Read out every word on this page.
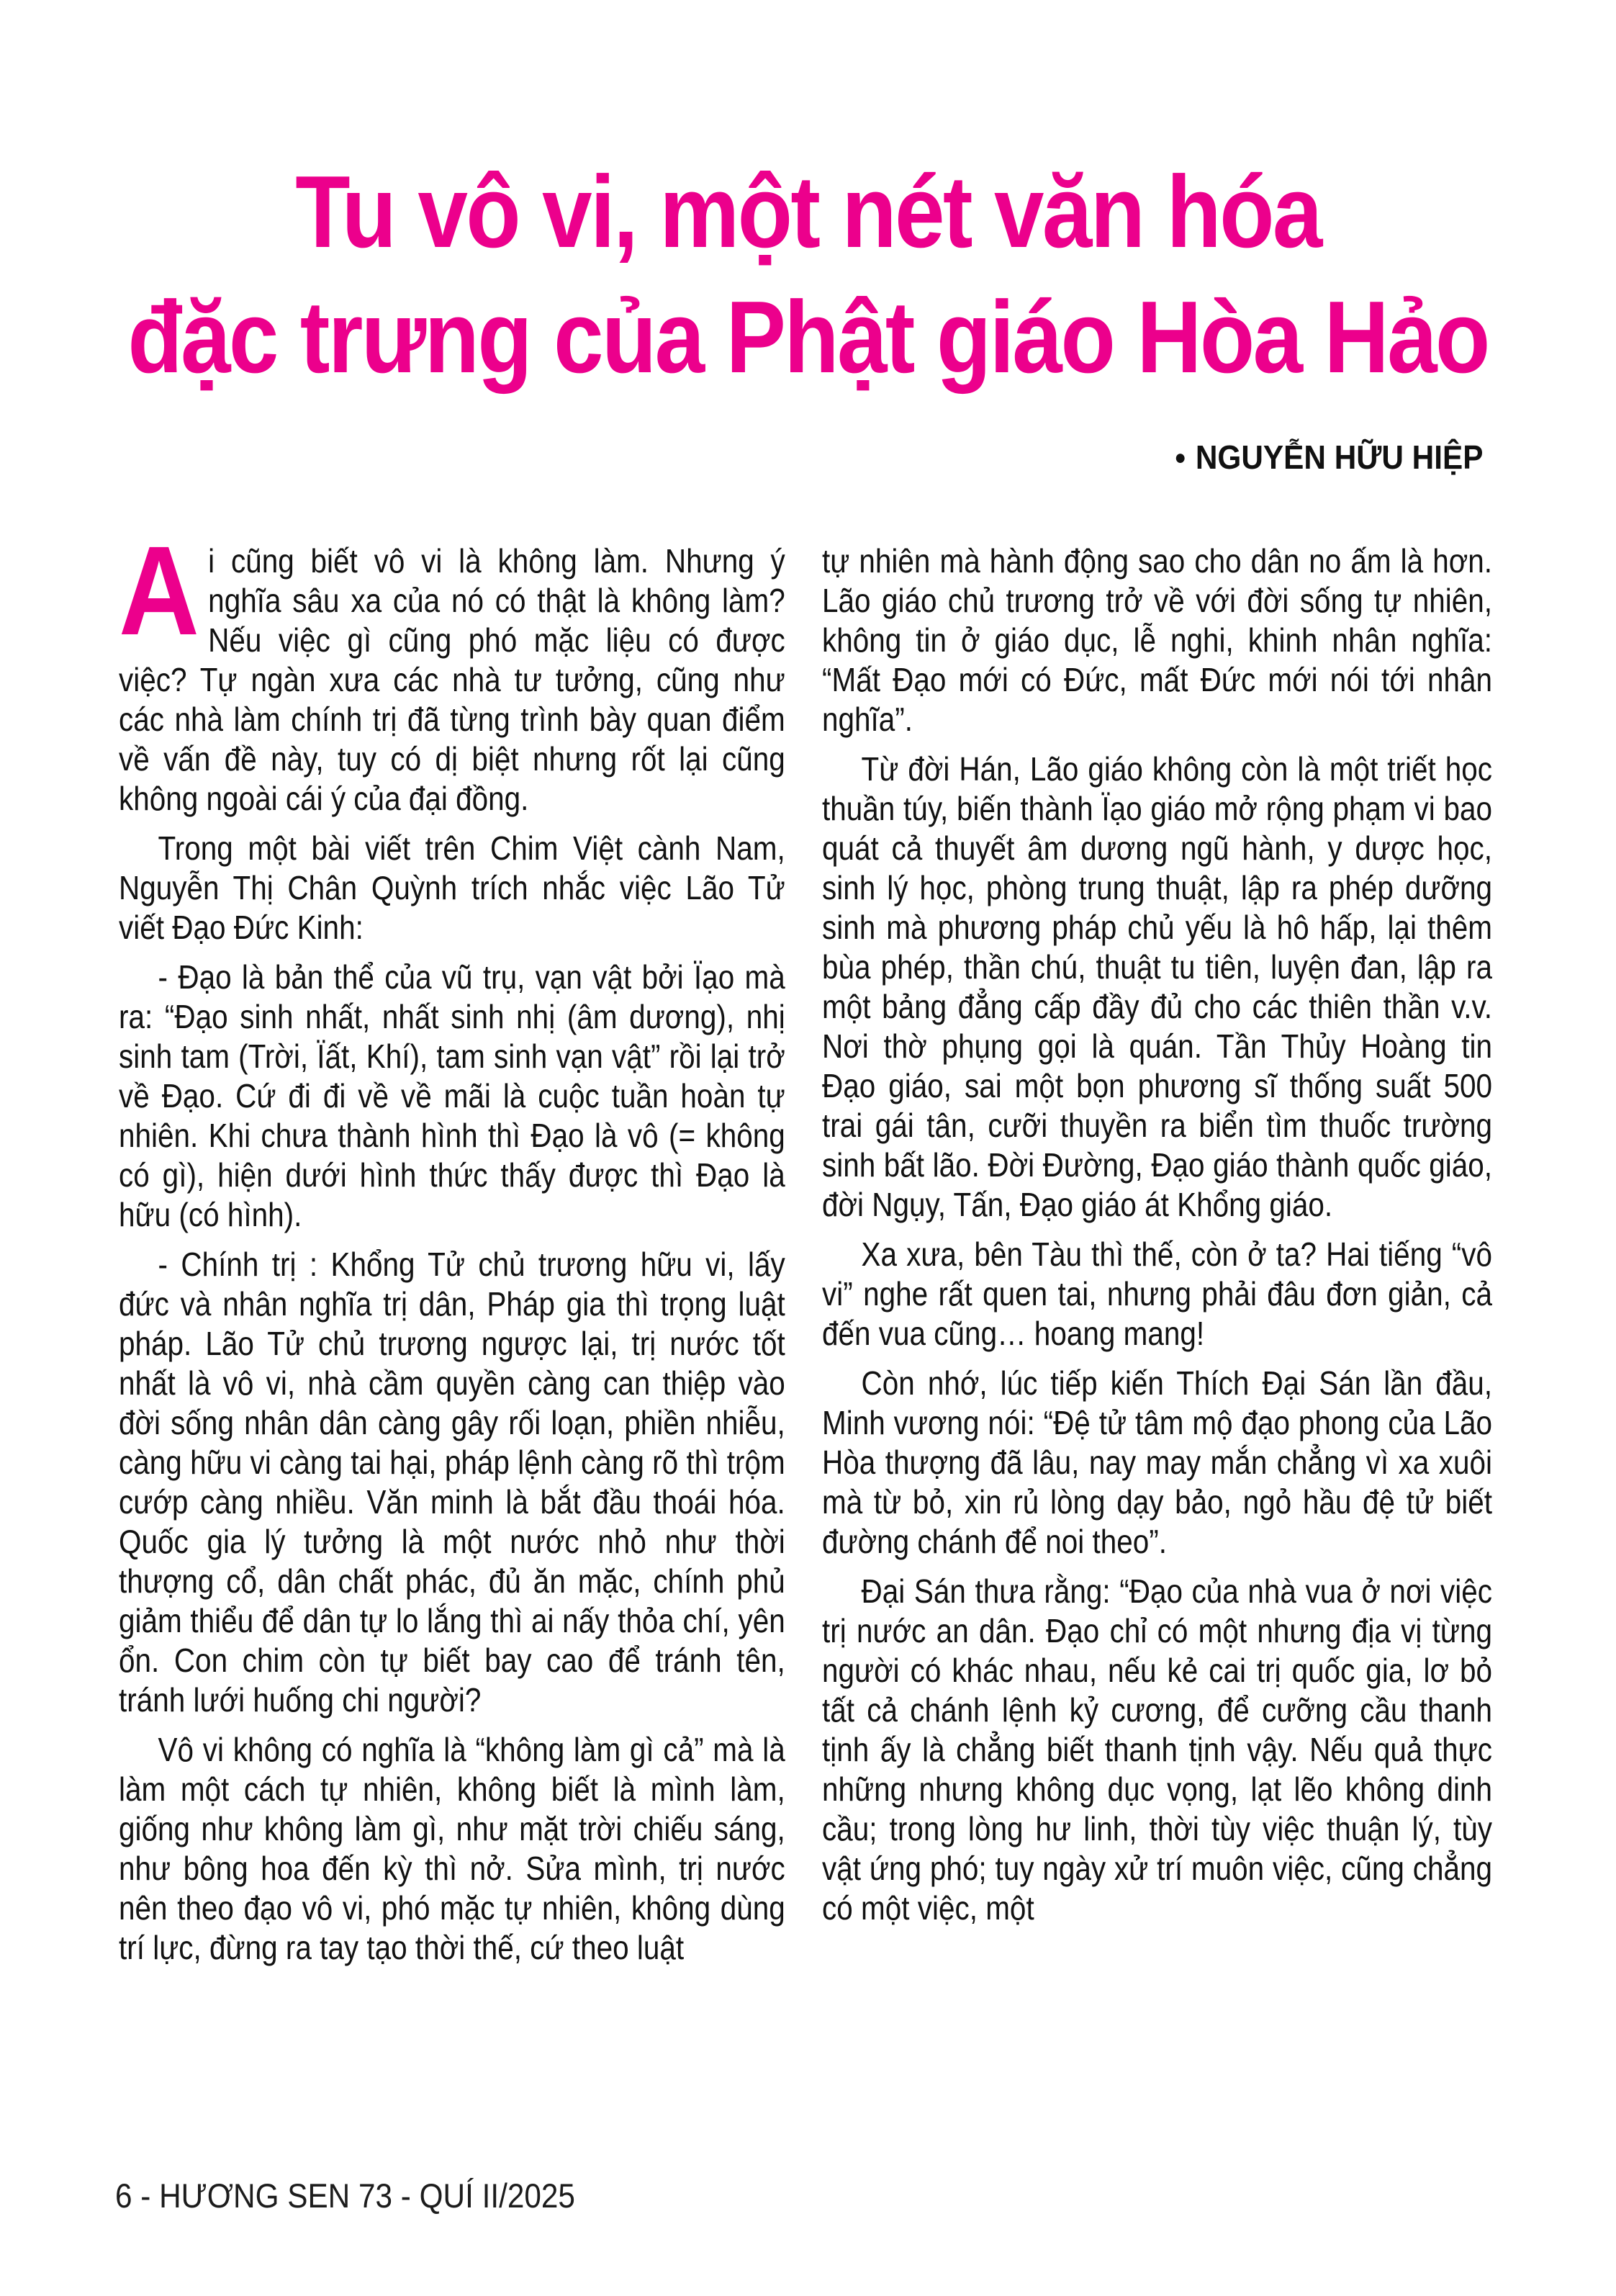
Tu vô vi, một nét văn hóa
đặc trưng của Phật giáo Hòa Hảo
● NGUYỄN HỮU HIỆP

Ai cũng biết vô vi là không làm. Nhưng ý nghĩa sâu xa của nó có thật là không làm? Nếu việc gì cũng phó mặc liệu có được việc? Tự ngàn xưa các nhà tư tưởng, cũng như các nhà làm chính trị đã từng trình bày quan điểm về vấn đề này, tuy có dị biệt nhưng rốt lại cũng không ngoài cái ý của đại đồng.

Trong một bài viết trên Chim Việt cành Nam, Nguyễn Thị Chân Quỳnh trích nhắc việc Lão Tử viết Đạo Đức Kinh:

- Đạo là bản thể của vũ trụ, vạn vật bởi Ïạo mà ra: “Đạo sinh nhất, nhất sinh nhị (âm dương), nhị sinh tam (Trời, Ïất, Khí), tam sinh vạn vật” rồi lại trở về Đạo. Cứ đi đi về về mãi là cuộc tuần hoàn tự nhiên. Khi chưa thành hình thì Đạo là vô (= không có gì), hiện dưới hình thức thấy được thì Đạo là hữu (có hình).

- Chính trị : Khổng Tử chủ trương hữu vi, lấy đức và nhân nghĩa trị dân, Pháp gia thì trọng luật pháp. Lão Tử chủ trương ngược lại, trị nước tốt nhất là vô vi, nhà cầm quyền càng can thiệp vào đời sống nhân dân càng gây rối loạn, phiền nhiễu, càng hữu vi càng tai hại, pháp lệnh càng rõ thì trộm cướp càng nhiều. Văn minh là bắt đầu thoái hóa. Quốc gia lý tưởng là một nước nhỏ như thời thượng cổ, dân chất phác, đủ ăn mặc, chính phủ giảm thiểu để dân tự lo lắng thì ai nấy thỏa chí, yên ổn. Con chim còn tự biết bay cao để tránh tên, tránh lưới huống chi người?

Vô vi không có nghĩa là “không làm gì cả” mà là làm một cách tự nhiên, không biết là mình làm, giống như không làm gì, như mặt trời chiếu sáng, như bông hoa đến kỳ thì nở. Sửa mình, trị nước nên theo đạo vô vi, phó mặc tự nhiên, không dùng trí lực, đừng ra tay tạo thời thế, cứ theo luật

tự nhiên mà hành động sao cho dân no ấm là hơn. Lão giáo chủ trương trở về với đời sống tự nhiên, không tin ở giáo dục, lễ nghi, khinh nhân nghĩa: “Mất Đạo mới có Đức, mất Đức mới nói tới nhân nghĩa”.

Từ đời Hán, Lão giáo không còn là một triết học thuần túy, biến thành Ïạo giáo mở rộng phạm vi bao quát cả thuyết âm dương ngũ hành, y dược học, sinh lý học, phòng trung thuật, lập ra phép dưỡng sinh mà phương pháp chủ yếu là hô hấp, lại thêm bùa phép, thần chú, thuật tu tiên, luyện đan, lập ra một bảng đẳng cấp đầy đủ cho các thiên thần v.v. Nơi thờ phụng gọi là quán. Tần Thủy Hoàng tin Đạo giáo, sai một bọn phương sĩ thống suất 500 trai gái tân, cưỡi thuyền ra biển tìm thuốc trường sinh bất lão. Đời Đường, Đạo giáo thành quốc giáo, đời Ngụy, Tấn, Đạo giáo át Khổng giáo.

Xa xưa, bên Tàu thì thế, còn ở ta? Hai tiếng “vô vi” nghe rất quen tai, nhưng phải đâu đơn giản, cả đến vua cũng… hoang mang!

Còn nhớ, lúc tiếp kiến Thích Đại Sán lần đầu, Minh vương nói: “Đệ tử tâm mộ đạo phong của Lão Hòa thượng đã lâu, nay may mắn chẳng vì xa xuôi mà từ bỏ, xin rủ lòng dạy bảo, ngỏ hầu đệ tử biết đường chánh để noi theo”.

Đại Sán thưa rằng: “Đạo của nhà vua ở nơi việc trị nước an dân. Đạo chỉ có một nhưng địa vị từng người có khác nhau, nếu kẻ cai trị quốc gia, lơ bỏ tất cả chánh lệnh kỷ cương, để cưỡng cầu thanh tịnh ấy là chẳng biết thanh tịnh vậy. Nếu quả thực những nhưng không dục vọng, lạt lẽo không dinh cầu; trong lòng hư linh, thời tùy việc thuận lý, tùy vật ứng phó; tuy ngày xử trí muôn việc, cũng chẳng có một việc, một

6 - HƯƠNG SEN 73 - QUÍ II/2025
